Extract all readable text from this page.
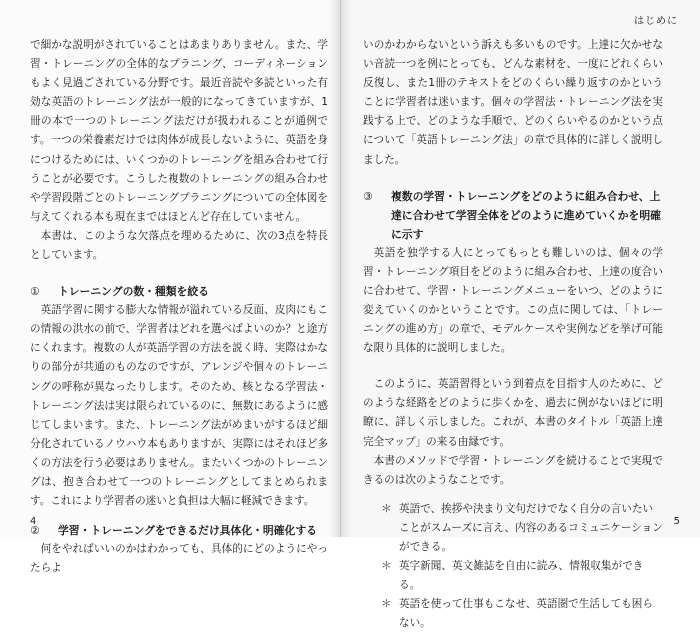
で細かな説明がされていることはあまりありません。また、学習・トレーニングの全体的なプラニング、コーディネーションもよく見過ごされている分野です。最近音読や多読といった有効な英語のトレーニング法が一般的になってきていますが、1冊の本で一つのトレーニング法だけが扱われることが通例です。一つの栄養素だけでは肉体が成長しないように、英語を身につけるためには、いくつかのトレーニングを組み合わせて行うことが必要です。こうした複数のトレーニングの組み合わせや学習段階ごとのトレーニングプラニングについての全体図を与えてくれる本も現在まではほとんど存在していません。

本書は、このような欠落点を埋めるために、次の3点を特長としています。

①	トレーニングの数・種類を絞る

英語学習に関する膨大な情報が溢れている反面、皮肉にもこの情報の洪水の前で、学習者はどれを選べばよいのか？と途方にくれます。複数の人が英語学習の方法を説く時、実際はかなりの部分が共通のものなのですが、アレンジや個々のトレーニングの呼称が異なったりします。そのため、核となる学習法・トレーニング法は実は限られているのに、無数にあるように感じてしまいます。また、トレーニング法がめまいがするほど細分化されているノウハウ本もありますが、実際にはそれほど多くの方法を行う必要はありません。またいくつかのトレーニングは、抱き合わせて一つのトレーニングとしてまとめられます。これにより学習者の迷いと負担は大幅に軽減できます。

②	学習・トレーニングをできるだけ具体化・明確化する

何をやればいいのかはわかっても、具体的にどのようにやったらよ

4
はじめに

いのかわからないという訴えも多いものです。上達に欠かせない音読一つを例にとっても、どんな素材を、一度にどれくらい反復し、また1冊のテキストをどのくらい繰り返すのかということに学習者は迷います。個々の学習法・トレーニング法を実践する上で、どのような手順で、どのくらいやるのかという点について「英語トレーニング法」の章で具体的に詳しく説明しました。

③	複数の学習・トレーニングをどのように組み合わせ、上達に合わせて学習全体をどのように進めていくかを明確に示す

英語を独学する人にとってもっとも難しいのは、個々の学習・トレーニング項目をどのように組み合わせ、上達の度合いに合わせて、学習・トレーニングメニューをいつ、どのように変えていくのかということです。この点に関しては、「トレーニングの進め方」の章で、モデルケースや実例などを挙げ可能な限り具体的に説明しました。

このように、英語習得という到着点を目指す人のために、どのような経路をどのように歩くかを、過去に例がないほどに明瞭に、詳しく示しました。これが、本書のタイトル「英語上達完全マップ」の来る由縁です。

本書のメソッドで学習・トレーニングを続けることで実現できるのは次のようなことです。

＊ 英語で、挨拶や決まり文句だけでなく自分の言いたいことがスムーズに言え、内容のあるコミュニケーションができる。
＊ 英字新聞、英文雑誌を自由に読み、情報収集ができる。
＊ 英語を使って仕事もこなせ、英語圏で生活しても困らない。
5
